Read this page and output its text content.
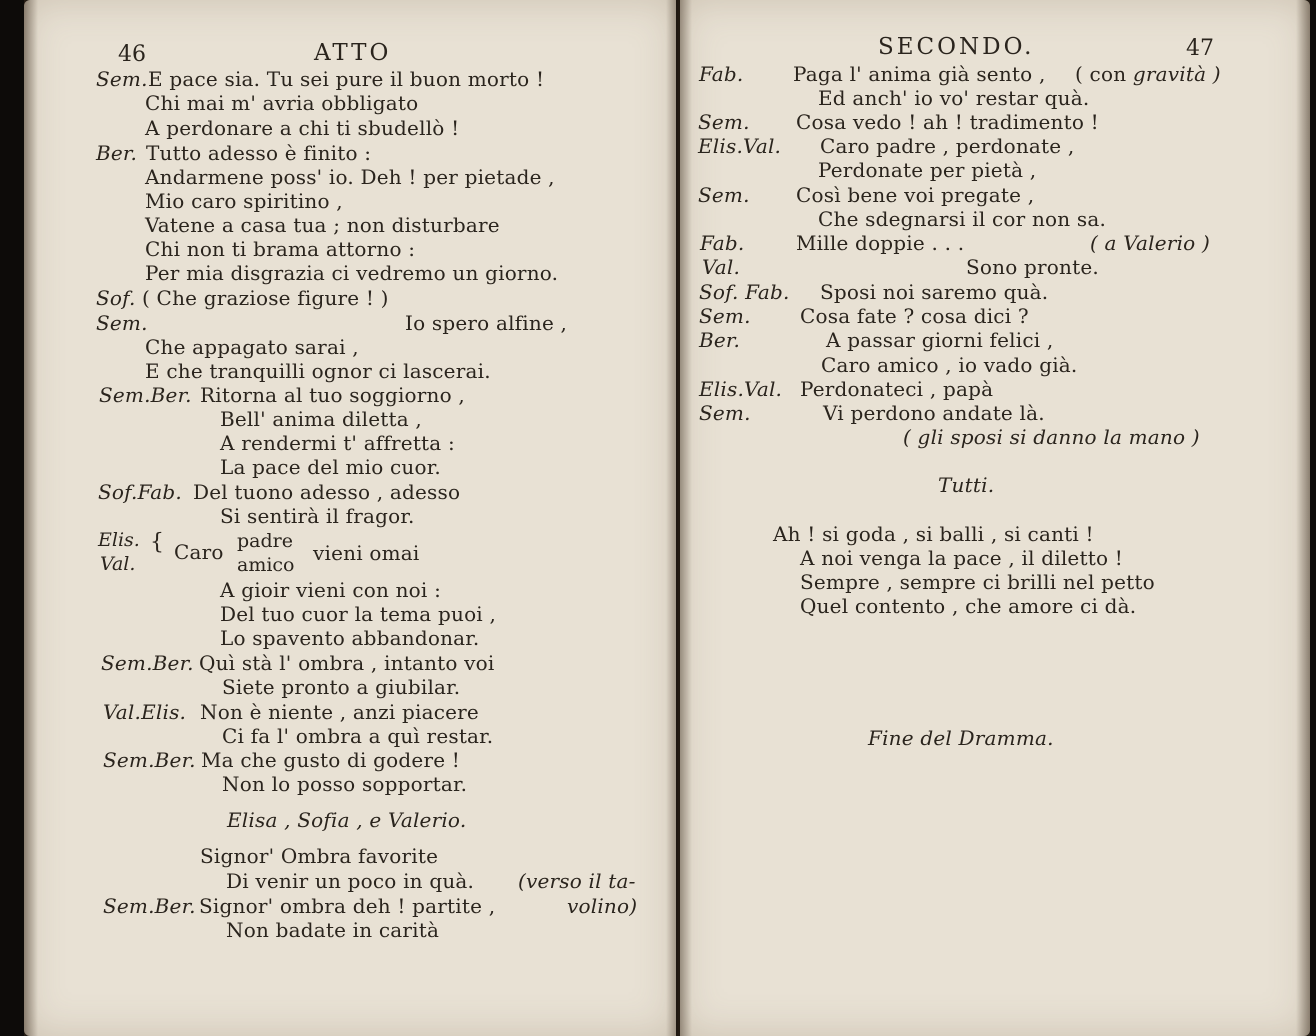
46	ATTO
Sem. E pace sia. Tu sei pure il buon morto !
Chi mai m' avria obbligato
A perdonare a chi ti sbudellò !
Ber. Tutto adesso è finito :
Andarmene poss' io. Deh ! per pietade ,
Mio caro spiritino ,
Vatene a casa tua ; non disturbare
Chi non ti brama attorno :
Per mia disgrazia ci vedremo un giorno.
Sof. ( Che graziose figure ! )
Sem.	Io spero alfine ,
Che appagato sarai ,
E che tranquilli ognor ci lascerai.
Sem.Ber. Ritorna al tuo soggiorno ,
Bell' anima diletta ,
A rendermi t' affretta :
La pace del mio cuor.
Sof.Fab. Del tuono adesso , adesso
Si sentirà il fragor.
Elis.
Val.
{ Caro padre
amico vieni omai
A gioir vieni con noi :
Del tuo cuor la tema puoi ,
Lo spavento abbandonar.
Sem.Ber. Quì stà l' ombra , intanto voi
Siete pronto a giubilar.
Val.Elis. Non è niente , anzi piacere
Ci fa l' ombra a quì restar.
Sem.Ber. Ma che gusto di godere !
Non lo posso sopportar.
Elisa , Sofia , e Valerio.
Signor' Ombra favorite
Di venir un poco in quà. (verso il ta-
Sem.Ber. Signor' ombra deh ! partite ,	volino)
Non badate in carità
SECONDO.	47
Fab. Paga l' anima già sento , ( con gravità )
Ed anch' io vo' restar quà.
Sem. Cosa vedo ! ah ! tradimento !
Elis.Val. Caro padre , perdonate ,
Perdonate per pietà ,
Sem. Così bene voi pregate ,
Che sdegnarsi il cor non sa.
Fab.	Mille doppie . . .	( a Valerio )
Val.	Sono pronte.
Sof. Fab. Sposi noi saremo quà.
Sem. Cosa fate ? cosa dici ?
Ber.	A passar giorni felici ,
Caro amico , io vado già.
Elis.Val. Perdonateci , papà
Sem.	Vi perdono andate là.
( gli sposi si danno la mano )
Tutti.
Ah ! si goda , si balli , si canti !
A noi venga la pace , il diletto !
Sempre , sempre ci brilli nel petto
Quel contento , che amore ci dà.
Fine del Dramma.
